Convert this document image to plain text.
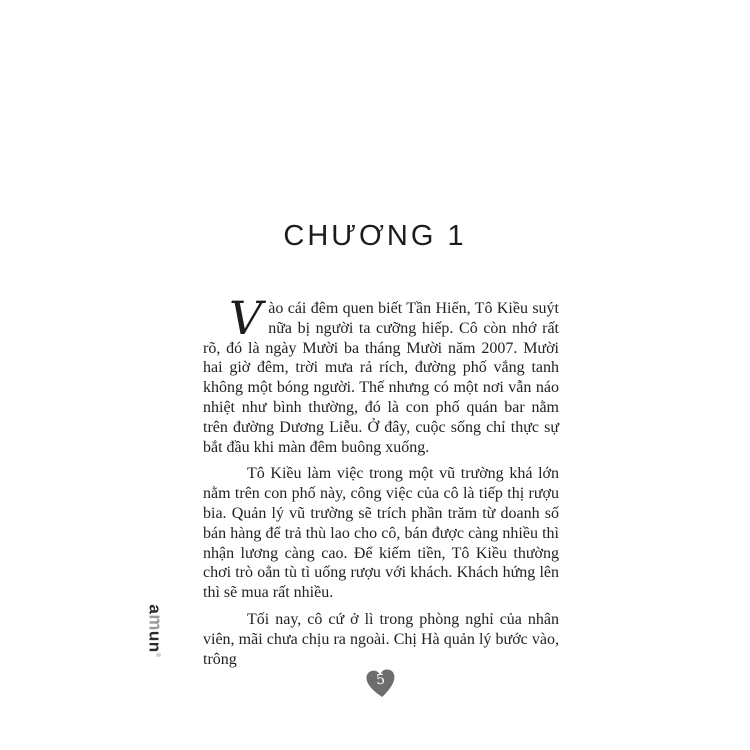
CHƯƠNG 1

Vào cái đêm quen biết Tần Hiển, Tô Kiều suýt nữa bị người ta cưỡng hiếp. Cô còn nhớ rất rõ, đó là ngày Mười ba tháng Mười năm 2007. Mười hai giờ đêm, trời mưa rả rích, đường phố vắng tanh không một bóng người. Thế nhưng có một nơi vẫn náo nhiệt như bình thường, đó là con phố quán bar nằm trên đường Dương Liễu. Ở đây, cuộc sống chỉ thực sự bắt đầu khi màn đêm buông xuống.

Tô Kiều làm việc trong một vũ trường khá lớn nằm trên con phố này, công việc của cô là tiếp thị rượu bia. Quản lý vũ trường sẽ trích phần trăm từ doanh số bán hàng để trả thù lao cho cô, bán được càng nhiều thì nhận lương càng cao. Để kiếm tiền, Tô Kiều thường chơi trò oẳn tù tì uống rượu với khách. Khách hứng lên thì sẽ mua rất nhiều.

Tối nay, cô cứ ở lì trong phòng nghỉ của nhân viên, mãi chưa chịu ra ngoài. Chị Hà quản lý bước vào, trông

amun®
5
